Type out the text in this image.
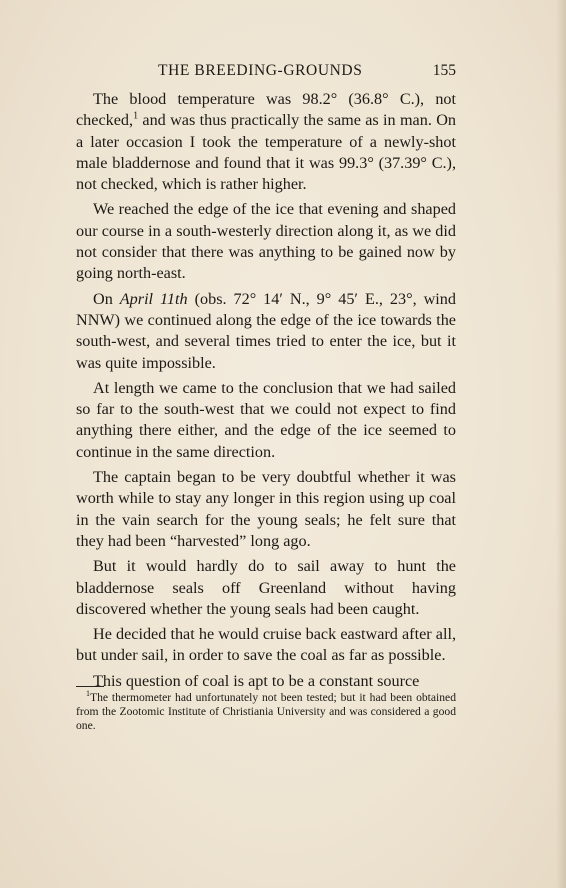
THE BREEDING-GROUNDS	155

The blood temperature was 98.2° (36.8° C.), not checked,$^1$ and was thus practically the same as in man. On a later occasion I took the temperature of a newly-shot male bladdernose and found that it was 99.3° (37.39° C.), not checked, which is rather higher.

We reached the edge of the ice that evening and shaped our course in a south-westerly direction along it, as we did not consider that there was anything to be gained now by going north-east.

On April 11th (obs. 72° 14′ N., 9° 45′ E., 23°, wind NNW) we continued along the edge of the ice towards the south-west, and several times tried to enter the ice, but it was quite impossible.

At length we came to the conclusion that we had sailed so far to the south-west that we could not expect to find anything there either, and the edge of the ice seemed to continue in the same direction.

The captain began to be very doubtful whether it was worth while to stay any longer in this region using up coal in the vain search for the young seals; he felt sure that they had been “harvested” long ago.

But it would hardly do to sail away to hunt the bladdernose seals off Greenland without having discovered whether the young seals had been caught.

He decided that he would cruise back eastward after all, but under sail, in order to save the coal as far as possible.

This question of coal is apt to be a constant source

$^1$The thermometer had unfortunately not been tested; but it had been obtained from the Zootomic Institute of Christiania University and was considered a good one.
